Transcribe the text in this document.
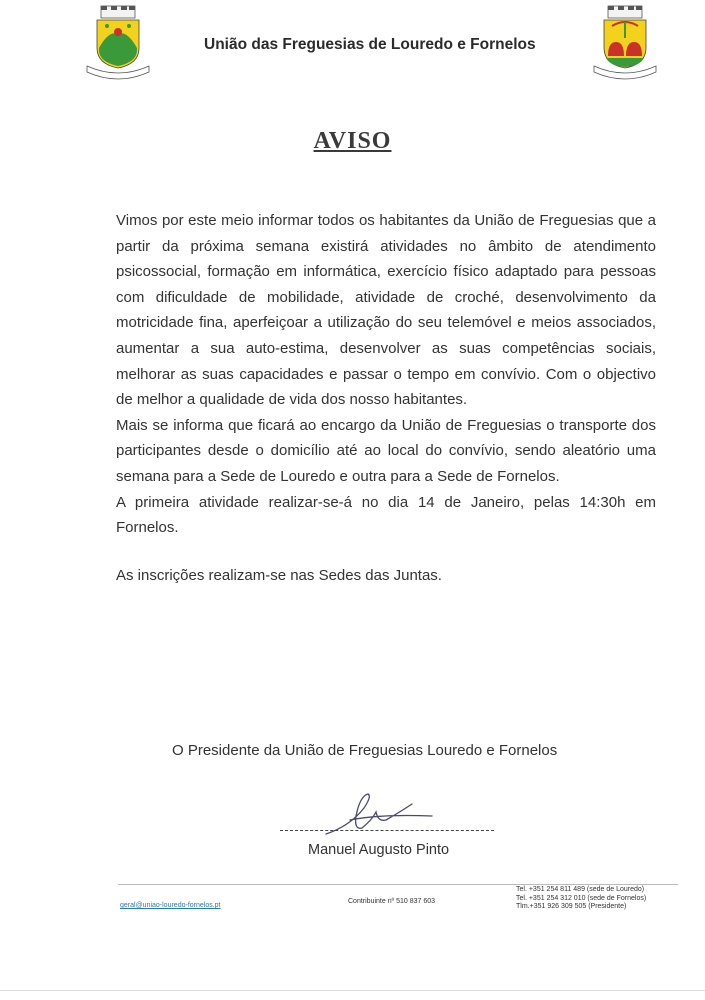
União das Freguesias de Louredo e Fornelos
AVISO

Vimos por este meio informar todos os habitantes da União de Freguesias que a partir da próxima semana existirá atividades no âmbito de atendimento psicossocial, formação em informática, exercício físico adaptado para pessoas com dificuldade de mobilidade, atividade de croché, desenvolvimento da motricidade fina, aperfeiçoar a utilização do seu telemóvel e meios associados, aumentar a sua auto-estima, desenvolver as suas competências sociais, melhorar as suas capacidades e passar o tempo em convívio. Com o objectivo de melhor a qualidade de vida dos nosso habitantes.

Mais se informa que ficará ao encargo da União de Freguesias o transporte dos participantes desde o domicílio até ao local do convívio, sendo aleatório uma semana para a Sede de Louredo e outra para a Sede de Fornelos.

A primeira atividade realizar-se-á no dia 14 de Janeiro, pelas 14:30h em Fornelos.

As inscrições realizam-se nas Sedes das Juntas.

O Presidente da União de Freguesias Louredo e Fornelos
Manuel Augusto Pinto
geral@uniao-louredo-fornelos.pt
Contribuinte nº 510 837 603
Tel. +351 254 811 489 (sede de Louredo)
Tel. +351 254 312 010 (sede de Fornelos)
Tlm.+351 926 309 505 (Presidente)
